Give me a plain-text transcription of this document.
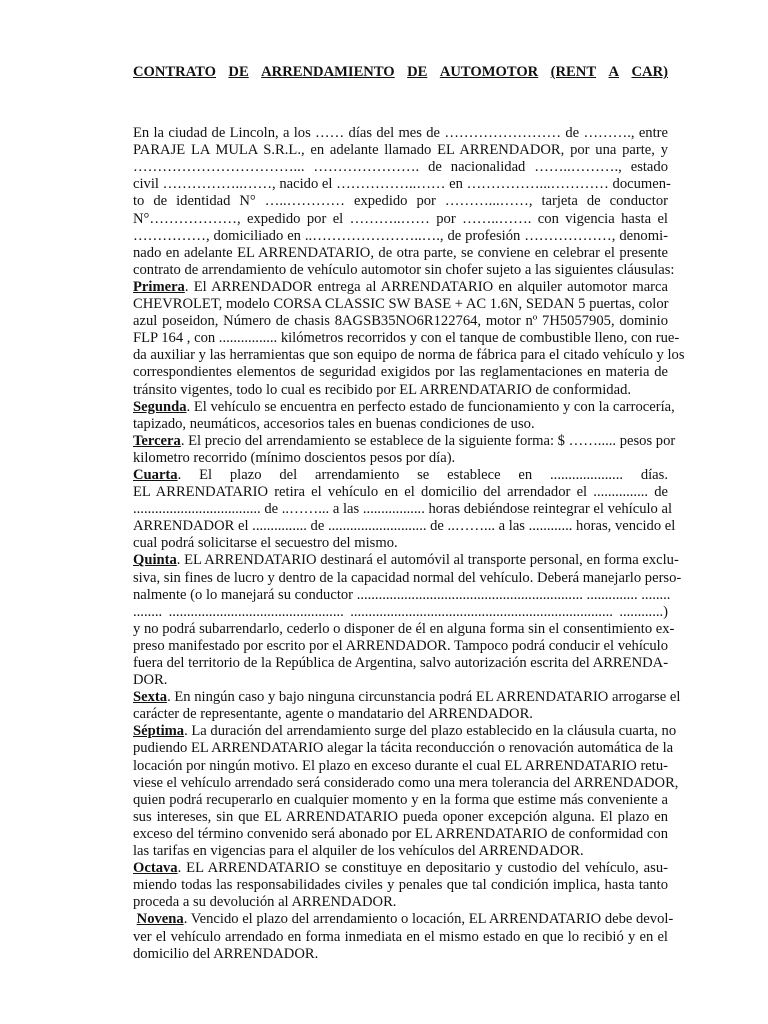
CONTRATO DE ARRENDAMIENTO DE AUTOMOTOR (RENT A CAR)
En la ciudad de Lincoln, a los …… días del mes de …………………… de ………., entre
PARAJE LA MULA S.R.L., en adelante llamado EL ARRENDADOR, por una parte, y
……………………………... …………………. de nacionalidad ……..………., estado
civil ……………..……, nacido el ……………..…… en ……………...………… documen-
to de identidad N° …..………… expedido por ………...……, tarjeta de conductor
N°………………, expedido por el ………..…… por ……..……. con vigencia hasta el
……………, domiciliado en ..…………………..…., de profesión ………………, denomi-
nado en adelante EL ARRENDATARIO, de otra parte, se conviene en celebrar el presente
contrato de arrendamiento de vehículo automotor sin chofer sujeto a las siguientes cláusulas:
Primera. El ARRENDADOR entrega al ARRENDATARIO en alquiler automotor marca
CHEVROLET, modelo CORSA CLASSIC SW BASE + AC 1.6N, SEDAN 5 puertas, color
azul poseidon, Número de chasis 8AGSB35NO6R122764, motor nº 7H5057905, dominio
FLP 164 , con ................ kilómetros recorridos y con el tanque de combustible lleno, con rue-
da auxiliar y las herramientas que son equipo de norma de fábrica para el citado vehículo y los
correspondientes elementos de seguridad exigidos por las reglamentaciones en materia de
tránsito vigentes, todo lo cual es recibido por EL ARRENDATARIO de conformidad.
Segunda. El vehículo se encuentra en perfecto estado de funcionamiento y con la carrocería,
tapizado, neumáticos, accesorios tales en buenas condiciones de uso.
Tercera. El precio del arrendamiento se establece de la siguiente forma: $ ……..... pesos por
kilometro recorrido (mínimo doscientos pesos por día).
Cuarta. El plazo del arrendamiento se establece en .................... días.
EL ARRENDATARIO retira el vehículo en el domicilio del arrendador el ............... de
................................... de ..……... a las ................. horas debiéndose reintegrar el vehículo al
ARRENDADOR el ............... de ........................... de ..……... a las ............ horas, vencido el
cual podrá solicitarse el secuestro del mismo.
Quinta. EL ARRENDATARIO destinará el automóvil al transporte personal, en forma exclu-
siva, sin fines de lucro y dentro de la capacidad normal del vehículo. Deberá manejarlo perso-
nalmente (o lo manejará su conductor .............................................................. .............. ........
........ ................................................ ........................................................................ ............)
y no podrá subarrendarlo, cederlo o disponer de él en alguna forma sin el consentimiento ex-
preso manifestado por escrito por el ARRENDADOR. Tampoco podrá conducir el vehículo
fuera del territorio de la República de Argentina, salvo autorización escrita del ARRENDA-
DOR.
Sexta. En ningún caso y bajo ninguna circunstancia podrá EL ARRENDATARIO arrogarse el
carácter de representante, agente o mandatario del ARRENDADOR.
Séptima. La duración del arrendamiento surge del plazo establecido en la cláusula cuarta, no
pudiendo EL ARRENDATARIO alegar la tácita reconducción o renovación automática de la
locación por ningún motivo. El plazo en exceso durante el cual EL ARRENDATARIO retu-
viese el vehículo arrendado será considerado como una mera tolerancia del ARRENDADOR,
quien podrá recuperarlo en cualquier momento y en la forma que estime más conveniente a
sus intereses, sin que EL ARRENDATARIO pueda oponer excepción alguna. El plazo en
exceso del término convenido será abonado por EL ARRENDATARIO de conformidad con
las tarifas en vigencias para el alquiler de los vehículos del ARRENDADOR.
Octava. EL ARRENDATARIO se constituye en depositario y custodio del vehículo, asu-
miendo todas las responsabilidades civiles y penales que tal condición implica, hasta tanto
proceda a su devolución al ARRENDADOR.
Novena. Vencido el plazo del arrendamiento o locación, EL ARRENDATARIO debe devol-
ver el vehículo arrendado en forma inmediata en el mismo estado en que lo recibió y en el
domicilio del ARRENDADOR.
